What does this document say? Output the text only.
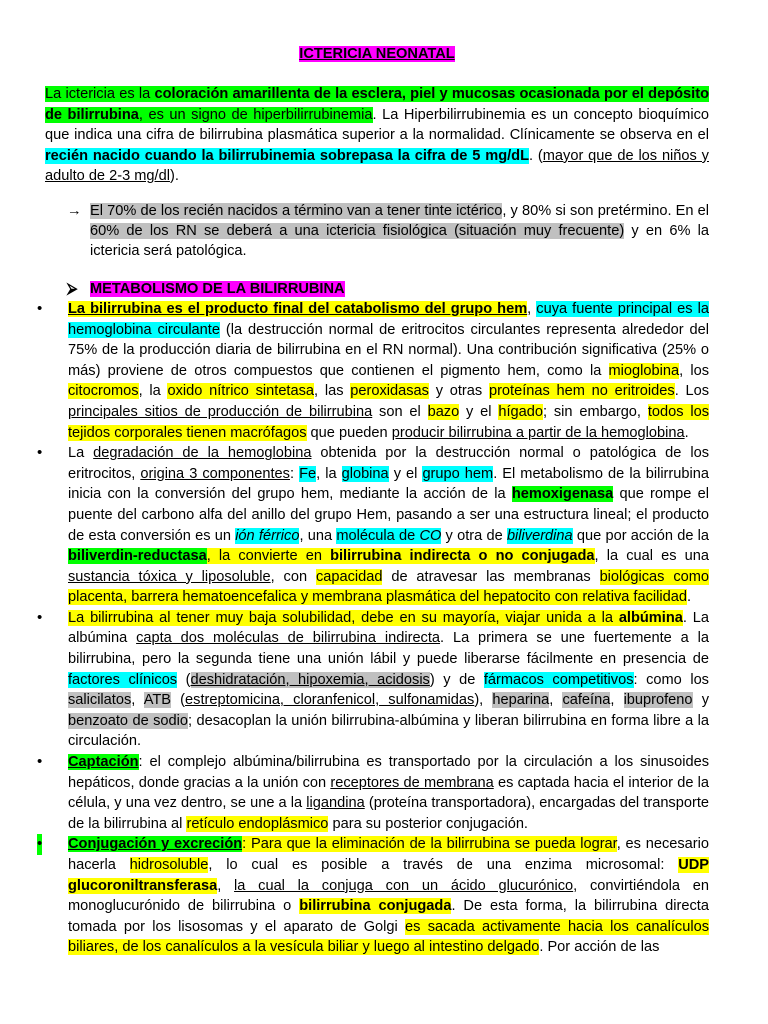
ICTERICIA NEONATAL

La ictericia es la coloración amarillenta de la esclera, piel y mucosas ocasionada por el depósito de bilirrubina, es un signo de hiperbilirrubinemia. La Hiperbilirrubinemia es un concepto bioquímico que indica una cifra de bilirrubina plasmática superior a la normalidad. Clínicamente se observa en el recién nacido cuando la bilirrubinemia sobrepasa la cifra de 5 mg/dL. (mayor que de los niños y adulto de 2-3 mg/dl).

→ El 70% de los recién nacidos a término van a tener tinte ictérico, y 80% si son pretérmino. En el 60% de los RN se deberá a una ictericia fisiológica (situación muy frecuente) y en 6% la ictericia será patológica.
⮚ METABOLISMO DE LA BILIRRUBINA
• La bilirrubina es el producto final del catabolismo del grupo hem, cuya fuente principal es la hemoglobina circulante (la destrucción normal de eritrocitos circulantes representa alrededor del 75% de la producción diaria de bilirrubina en el RN normal). Una contribución significativa (25% o más) proviene de otros compuestos que contienen el pigmento hem, como la mioglobina, los citocromos, la oxido nítrico sintetasa, las peroxidasas y otras proteínas hem no eritroides. Los principales sitios de producción de bilirrubina son el bazo y el hígado; sin embargo, todos los tejidos corporales tienen macrófagos que pueden producir bilirrubina a partir de la hemoglobina.
• La degradación de la hemoglobina obtenida por la destrucción normal o patológica de los eritrocitos, origina 3 componentes: Fe, la globina y el grupo hem. El metabolismo de la bilirrubina inicia con la conversión del grupo hem, mediante la acción de la hemoxigenasa que rompe el puente del carbono alfa del anillo del grupo Hem, pasando a ser una estructura lineal; el producto de esta conversión es un ión férrico, una molécula de CO y otra de biliverdina que por acción de la biliverdin-reductasa, la convierte en bilirrubina indirecta o no conjugada, la cual es una sustancia tóxica y liposoluble, con capacidad de atravesar las membranas biológicas como placenta, barrera hematoencefalica y membrana plasmática del hepatocito con relativa facilidad.
• La bilirrubina al tener muy baja solubilidad, debe en su mayoría, viajar unida a la albúmina. La albúmina capta dos moléculas de bilirrubina indirecta. La primera se une fuertemente a la bilirrubina, pero la segunda tiene una unión lábil y puede liberarse fácilmente en presencia de factores clínicos (deshidratación, hipoxemia, acidosis) y de fármacos competitivos: como los salicilatos, ATB (estreptomicina, cloranfenicol, sulfonamidas), heparina, cafeína, ibuprofeno y benzoato de sodio; desacoplan la unión bilirrubina-albúmina y liberan bilirrubina en forma libre a la circulación.
• Captación: el complejo albúmina/bilirrubina es transportado por la circulación a los sinusoides hepáticos, donde gracias a la unión con receptores de membrana es captada hacia el interior de la célula, y una vez dentro, se une a la ligandina (proteína transportadora), encargadas del transporte de la bilirrubina al retículo endoplásmico para su posterior conjugación.
• Conjugación y excreción: Para que la eliminación de la bilirrubina se pueda lograr, es necesario hacerla hidrosoluble, lo cual es posible a través de una enzima microsomal: UDP glucoroniltransferasa, la cual la conjuga con un ácido glucurónico, convirtiéndola en monoglucurónido de bilirrubina o bilirrubina conjugada. De esta forma, la bilirrubina directa tomada por los lisosomas y el aparato de Golgi es sacada activamente hacia los canalículos biliares, de los canalículos a la vesícula biliar y luego al intestino delgado. Por acción de las
